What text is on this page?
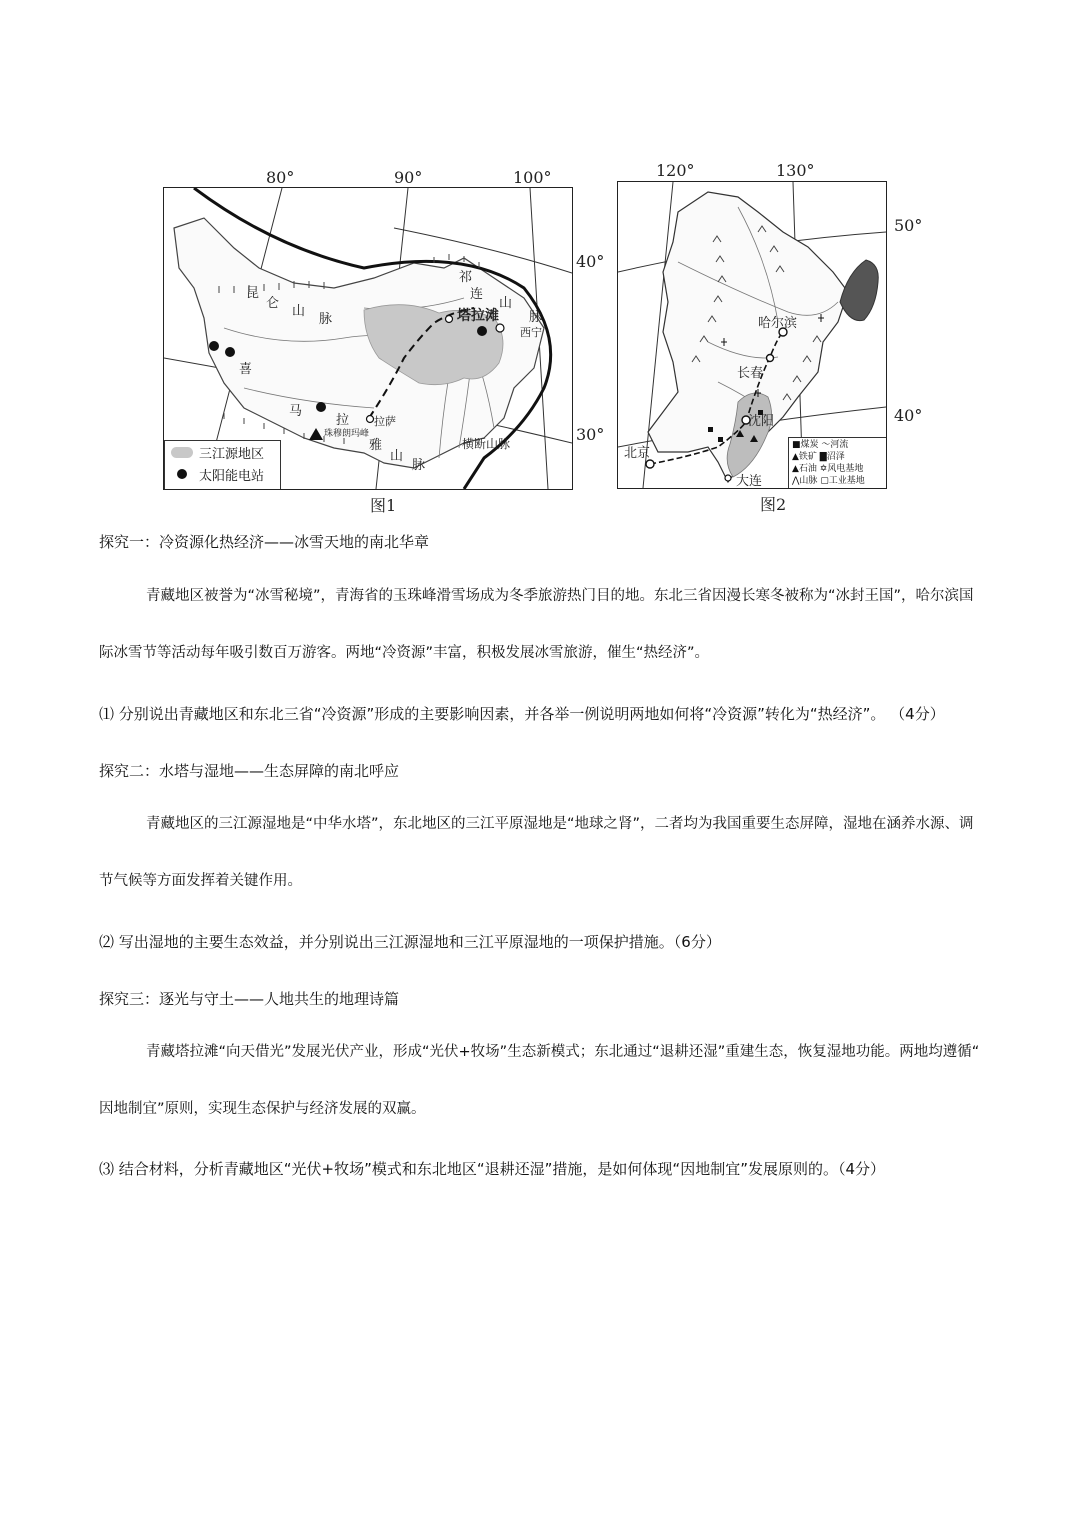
80°	90°	100°
40°
30°
昆
仑
山
脉
祁
连
山
脉
塔拉滩
西宁
喜
马
拉
雅
山
脉
拉萨
珠穆朗玛峰
横断山脉
三江源地区
太阳能电站
图1
120°	130°
50°
40°
哈尔滨
长春
沈阳
北京
大连
■煤炭 ～河流
▲铁矿 ▇沼泽
▲石油 ✡风电基地
⋀山脉 ▢工业基地
图2
探究一：冷资源化热经济——冰雪天地的南北华章
青藏地区被誉为“冰雪秘境”，青海省的玉珠峰滑雪场成为冬季旅游热门目的地。东北三省因漫长寒冬被称为“冰封王国”，哈尔滨国
际冰雪节等活动每年吸引数百万游客。两地“冷资源”丰富，积极发展冰雪旅游，催生“热经济”。
⑴ 分别说出青藏地区和东北三省“冷资源”形成的主要影响因素，并各举一例说明两地如何将“冷资源”转化为“热经济”。 （4分）
探究二：水塔与湿地——生态屏障的南北呼应
青藏地区的三江源湿地是“中华水塔”，东北地区的三江平原湿地是“地球之肾”，二者均为我国重要生态屏障，湿地在涵养水源、调
节气候等方面发挥着关键作用。
⑵ 写出湿地的主要生态效益，并分别说出三江源湿地和三江平原湿地的一项保护措施。（6分）
探究三：逐光与守土——人地共生的地理诗篇
青藏塔拉滩“向天借光”发展光伏产业，形成“光伏+牧场”生态新模式；东北通过“退耕还湿”重建生态，恢复湿地功能。两地均遵循“
因地制宜”原则，实现生态保护与经济发展的双赢。
⑶ 结合材料，分析青藏地区“光伏+牧场”模式和东北地区“退耕还湿”措施，是如何体现“因地制宜”发展原则的。（4分）
